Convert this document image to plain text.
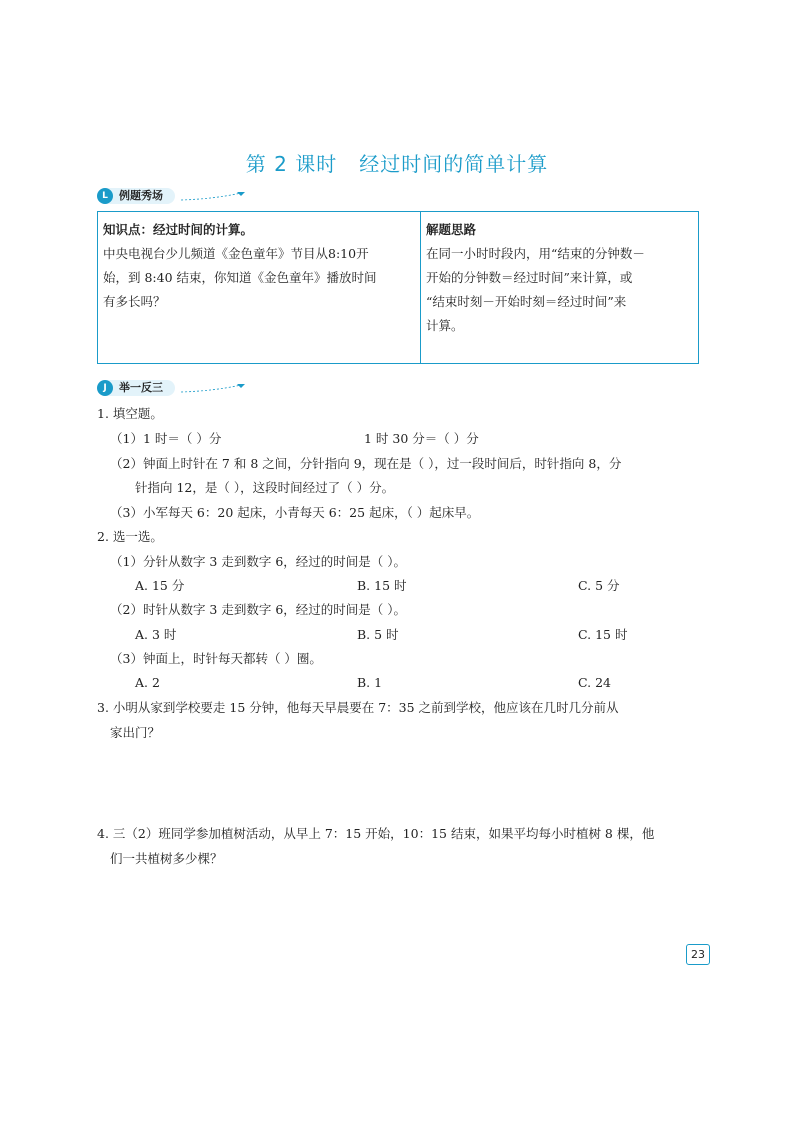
第 2 课时 经过时间的简单计算
L	例题秀场
知识点：经过时间的计算。
中央电视台少儿频道《金色童年》节目从8:10开
始，到 8:40 结束，你知道《金色童年》播放时间
有多长吗？
解题思路
在同一小时时段内，用“结束的分钟数－
开始的分钟数＝经过时间”来计算，或
“结束时刻－开始时刻＝经过时间”来
计算。
J	举一反三
1. 填空题。
（1）1 时＝（ ）分	1 时 30 分＝（ ）分
（2）钟面上时针在 7 和 8 之间，分针指向 9，现在是（ ），过一段时间后，时针指向 8，分
针指向 12，是（ ），这段时间经过了（ ）分。
（3）小军每天 6：20 起床，小青每天 6：25 起床，（ ）起床早。
2. 选一选。
（1）分针从数字 3 走到数字 6，经过的时间是（ ）。
A. 15 分	B. 15 时	C. 5 分
（2）时针从数字 3 走到数字 6，经过的时间是（ ）。
A. 3 时	B. 5 时	C. 15 时
（3）钟面上，时针每天都转（ ）圈。
A. 2	B. 1	C. 24
3. 小明从家到学校要走 15 分钟，他每天早晨要在 7：35 之前到学校，他应该在几时几分前从
家出门？
4. 三（2）班同学参加植树活动，从早上 7：15 开始，10：15 结束，如果平均每小时植树 8 棵，他
们一共植树多少棵？
23
